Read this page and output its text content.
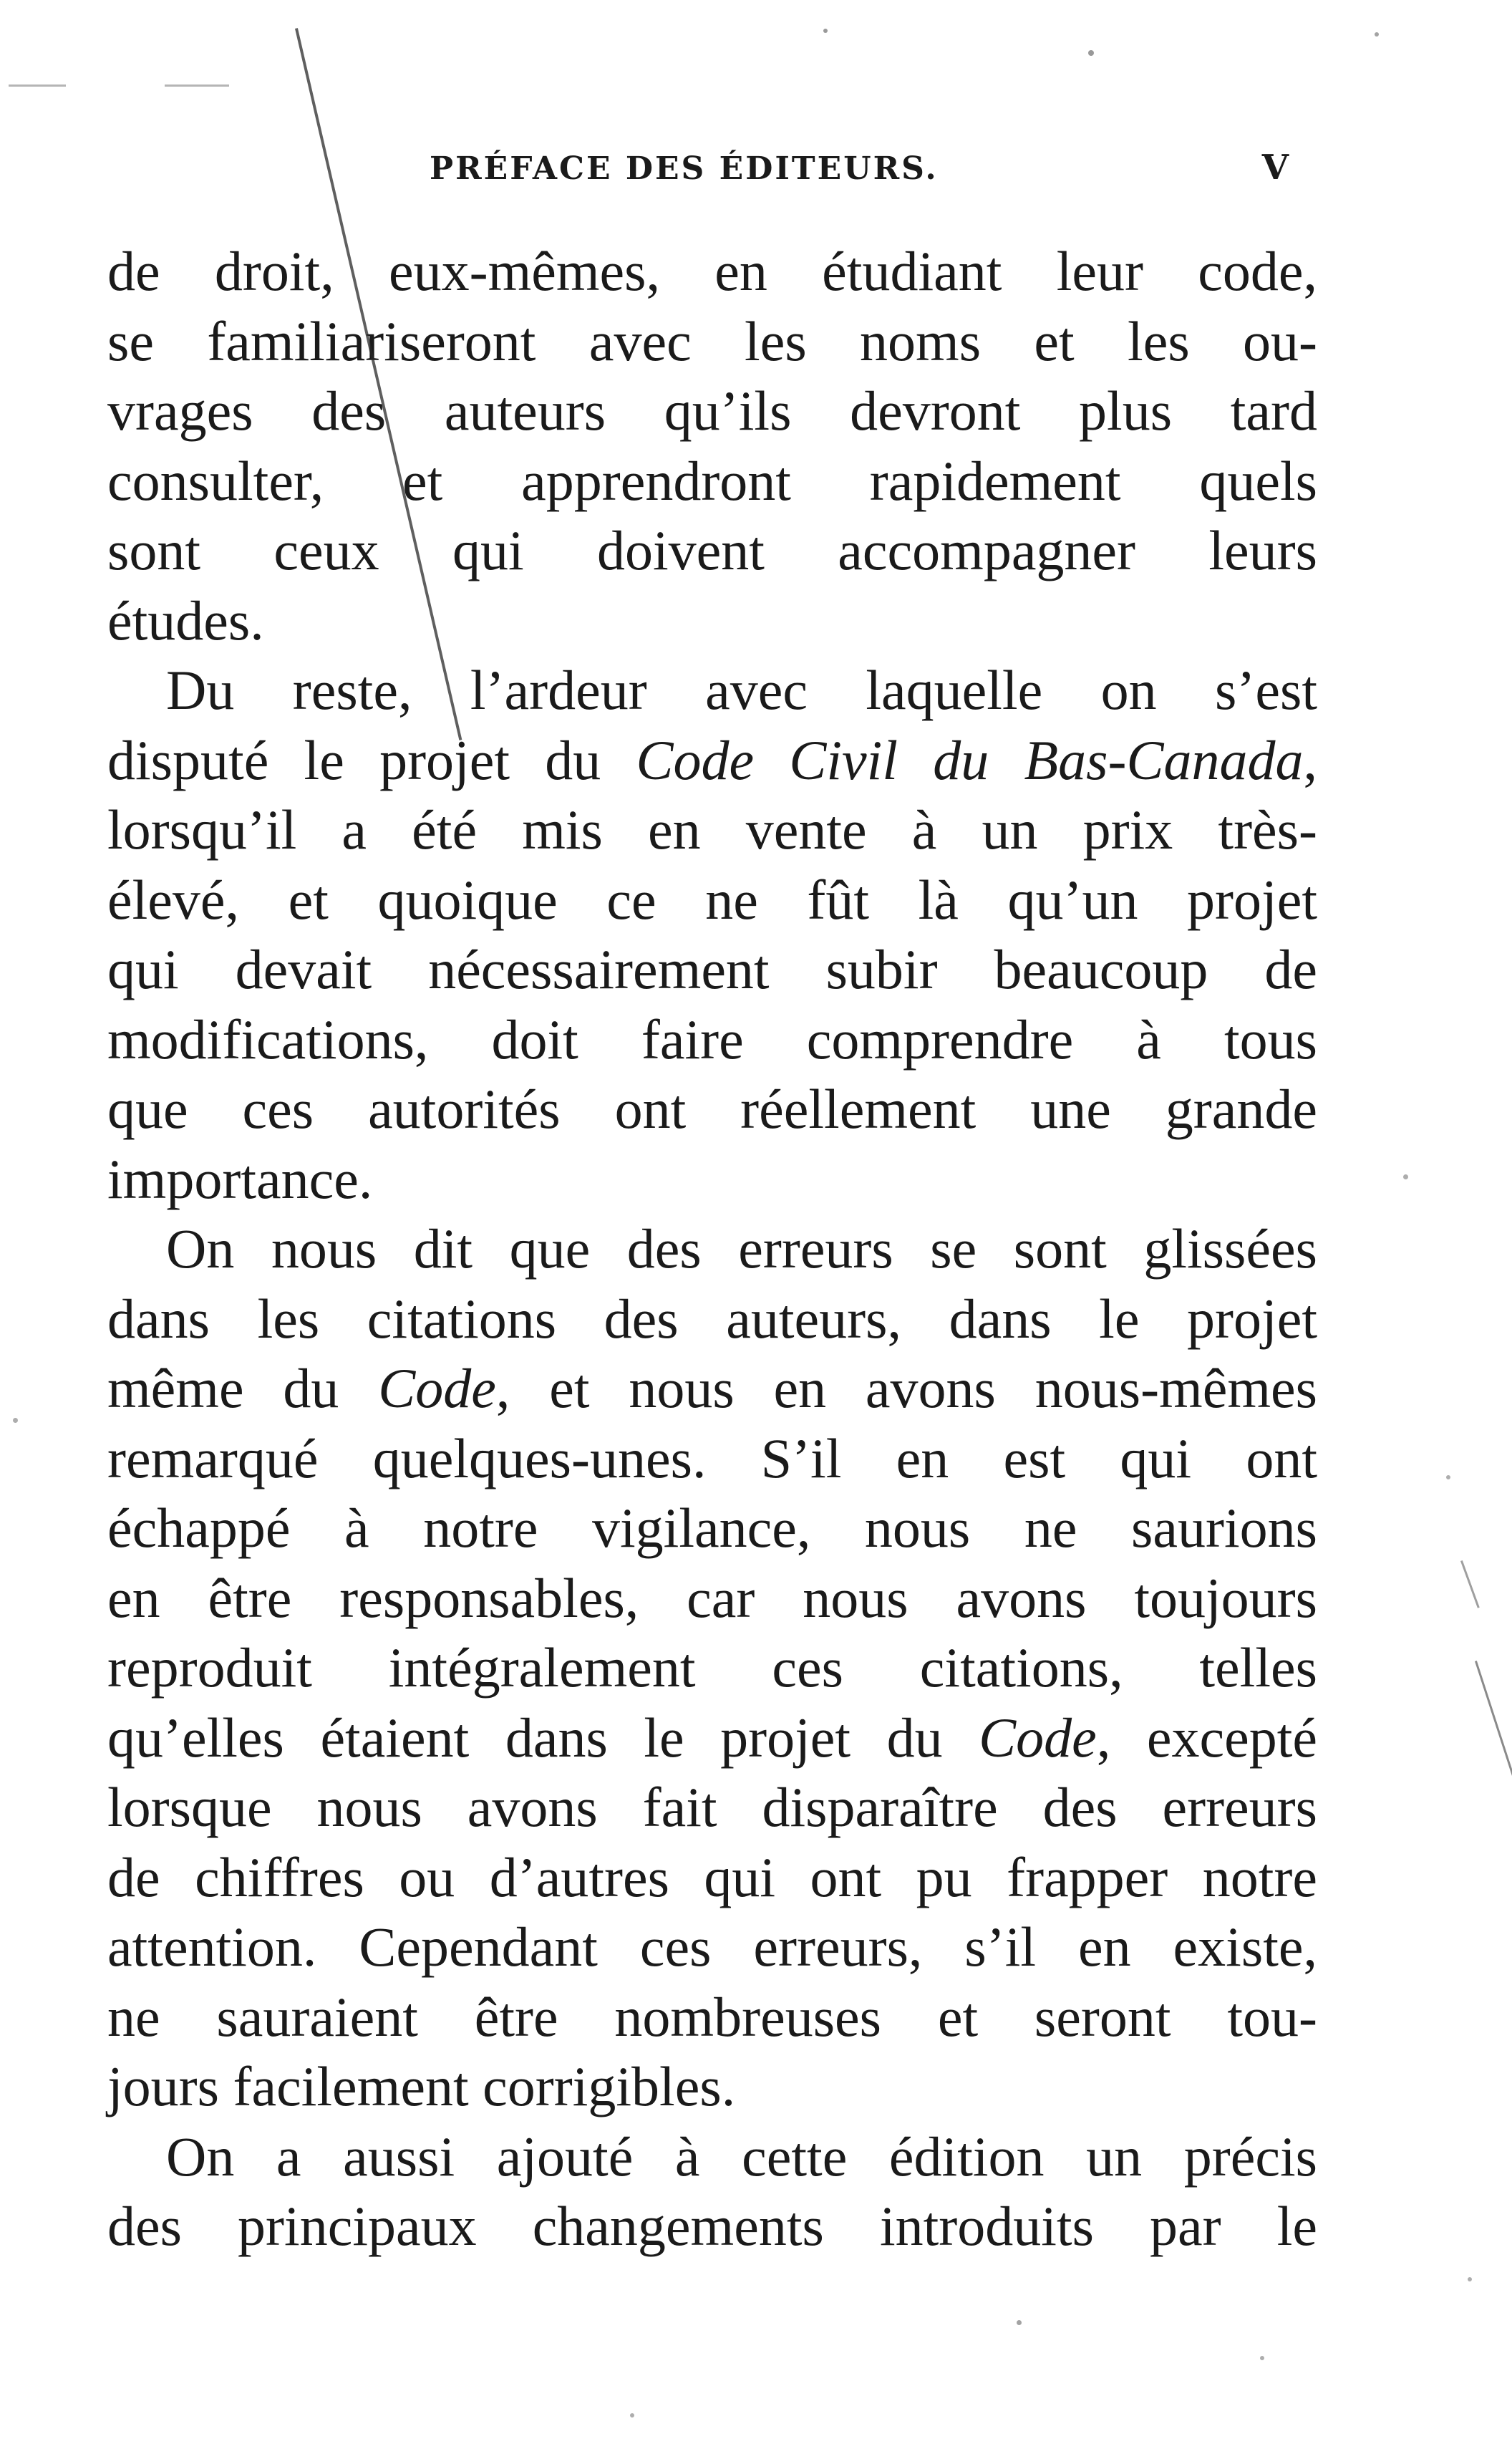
PRÉFACE DES ÉDITEURS.	V
de droit, eux-mêmes, en étudiant leur code,
se familiariseront avec les noms et les ou-
vrages des auteurs qu’ils devront plus tard
consulter, et apprendront rapidement quels
sont ceux qui doivent accompagner leurs
études.
Du reste, l’ardeur avec laquelle on s’est
disputé le projet du Code Civil du Bas-Canada,
lorsqu’il a été mis en vente à un prix très-
élevé, et quoique ce ne fût là qu’un projet
qui devait nécessairement subir beaucoup de
modifications, doit faire comprendre à tous
que ces autorités ont réellement une grande
importance.
On nous dit que des erreurs se sont glissées
dans les citations des auteurs, dans le projet
même du Code, et nous en avons nous-mêmes
remarqué quelques-unes. S’il en est qui ont
échappé à notre vigilance, nous ne saurions
en être responsables, car nous avons toujours
reproduit intégralement ces citations, telles
qu’elles étaient dans le projet du Code, excepté
lorsque nous avons fait disparaître des erreurs
de chiffres ou d’autres qui ont pu frapper notre
attention. Cependant ces erreurs, s’il en existe,
ne sauraient être nombreuses et seront tou-
jours facilement corrigibles.
On a aussi ajouté à cette édition un précis
des principaux changements introduits par le
